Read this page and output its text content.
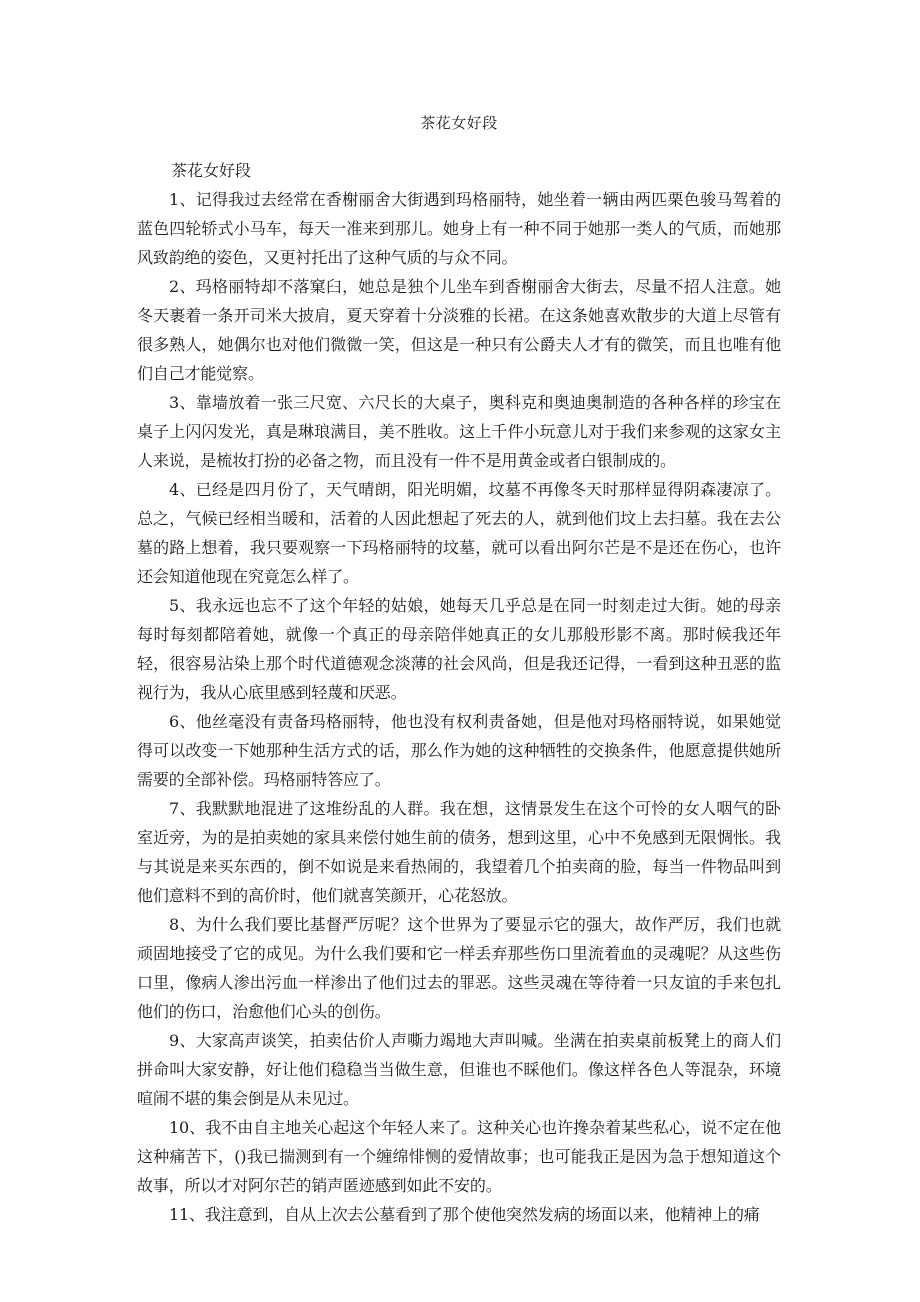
茶花女好段

茶花女好段

1、记得我过去经常在香榭丽舍大街遇到玛格丽特，她坐着一辆由两匹栗色骏马驾着的蓝色四轮轿式小马车，每天一准来到那儿。她身上有一种不同于她那一类人的气质，而她那风致韵绝的姿色，又更衬托出了这种气质的与众不同。

2、玛格丽特却不落窠臼，她总是独个儿坐车到香榭丽舍大街去，尽量不招人注意。她冬天裹着一条开司米大披肩，夏天穿着十分淡雅的长裙。在这条她喜欢散步的大道上尽管有很多熟人，她偶尔也对他们微微一笑，但这是一种只有公爵夫人才有的微笑，而且也唯有他们自己才能觉察。

3、靠墙放着一张三尺宽、六尺长的大桌子，奥科克和奥迪奥制造的各种各样的珍宝在桌子上闪闪发光，真是琳琅满目，美不胜收。这上千件小玩意儿对于我们来参观的这家女主人来说，是梳妆打扮的必备之物，而且没有一件不是用黄金或者白银制成的。

4、已经是四月份了，天气晴朗，阳光明媚，坟墓不再像冬天时那样显得阴森凄凉了。总之，气候已经相当暖和，活着的人因此想起了死去的人，就到他们坟上去扫墓。我在去公墓的路上想着，我只要观察一下玛格丽特的坟墓，就可以看出阿尔芒是不是还在伤心，也许还会知道他现在究竟怎么样了。

5、我永远也忘不了这个年轻的姑娘，她每天几乎总是在同一时刻走过大街。她的母亲每时每刻都陪着她，就像一个真正的母亲陪伴她真正的女儿那般形影不离。那时候我还年轻，很容易沾染上那个时代道德观念淡薄的社会风尚，但是我还记得，一看到这种丑恶的监视行为，我从心底里感到轻蔑和厌恶。

6、他丝毫没有责备玛格丽特，他也没有权利责备她，但是他对玛格丽特说，如果她觉得可以改变一下她那种生活方式的话，那么作为她的这种牺牲的交换条件，他愿意提供她所需要的全部补偿。玛格丽特答应了。

7、我默默地混进了这堆纷乱的人群。我在想，这情景发生在这个可怜的女人咽气的卧室近旁，为的是拍卖她的家具来偿付她生前的债务，想到这里，心中不免感到无限惆怅。我与其说是来买东西的，倒不如说是来看热闹的，我望着几个拍卖商的脸，每当一件物品叫到他们意料不到的高价时，他们就喜笑颜开，心花怒放。

8、为什么我们要比基督严厉呢？这个世界为了要显示它的强大，故作严厉，我们也就顽固地接受了它的成见。为什么我们要和它一样丢弃那些伤口里流着血的灵魂呢？从这些伤口里，像病人渗出污血一样渗出了他们过去的罪恶。这些灵魂在等待着一只友谊的手来包扎他们的伤口，治愈他们心头的创伤。

9、大家高声谈笑，拍卖估价人声嘶力竭地大声叫喊。坐满在拍卖桌前板凳上的商人们拼命叫大家安静，好让他们稳稳当当做生意，但谁也不睬他们。像这样各色人等混杂，环境喧闹不堪的集会倒是从未见过。

10、我不由自主地关心起这个年轻人来了。这种关心也许搀杂着某些私心，说不定在他这种痛苦下，()我已揣测到有一个缠绵悱恻的爱情故事；也可能我正是因为急于想知道这个故事，所以才对阿尔芒的销声匿迹感到如此不安的。

11、我注意到，自从上次去公墓看到了那个使他突然发病的场面以来，他精神上的痛
